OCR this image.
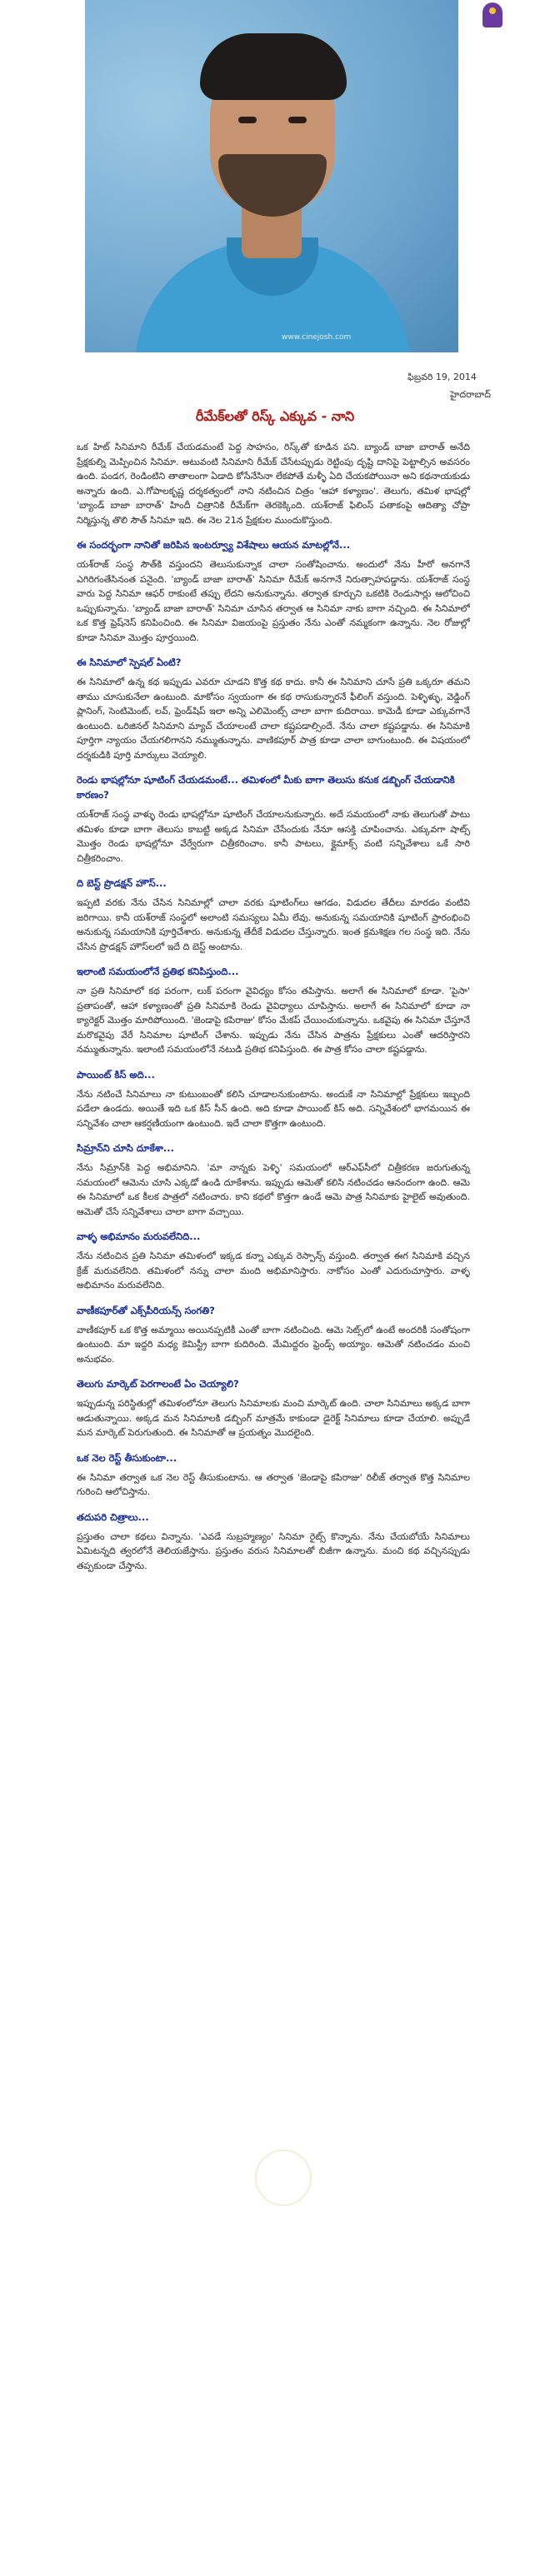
www.cinejosh.com
ఫిబ్రవరి 19, 2014
హైదరాబాద్
రీమేక్‌లతో రిస్క్ ఎక్కువ - నాని

ఒక హిట్ సినిమాని రీమేక్ చేయడమంటే పెద్ద సాహసం, రిస్క్‌తో కూడిన పని. బ్యాండ్ బాజా బారాత్ అనేది ప్రేక్షకుల్ని మెప్పించిన సినిమా. అటువంటి సినిమాని రీమేక్ చేసేటప్పుడు రెట్టింపు దృష్టి దానిపై పెట్టాల్సిన అవసరం ఉంది. పండగ, రెండింటిని తాతాలంగా ఏడాది కోసేనేసినా లేకపోతే మళ్ళీ ఏది చేయకపోయినా అని కథనాయకుడు అన్నారు ఉంది. ఎ.గోపాలకృష్ణ దర్శకత్వంలో నాని నటించిన చిత్రం 'ఆహా కళ్యాణం'. తెలుగు, తమిళ భాషల్లో 'బ్యాండ్ బాజా బారాత్' హిందీ చిత్రానికి రీమేక్‌గా తెరకెక్కింది. యశ్‌రాజ్ ఫిలింస్ పతాకంపై ఆదిత్యా చోప్రా నిర్మిస్తున్న తొలి సౌత్ సినిమా ఇది. ఈ నెల 21న ప్రేక్షకుల ముందుకొస్తుంది.

ఈ సందర్భంగా నానితో జరిపిన ఇంటర్వ్యూ విశేషాలు ఆయన మాటల్లోనే...

యశ్‌రాజ్ సంస్థ సౌత్‌కి వస్తుందని తెలుసుకున్నాక చాలా సంతోషించాను. అందులో నేను హీరో అనగానే ఎగిరిగంతేసినంత పనైంది. 'బ్యాండ్ బాజా బారాత్' సినిమా రీమేక్ అనగానే నిరుత్సాహపడ్డాను. యశ్‌రాజ్ సంస్థ వారు పెద్ద సినిమా ఆఫర్ రాకుంటే తప్పు లేదని అనుకున్నాను. తర్వాత కూర్చుని ఒకటికి రెండుసార్లు ఆలోచించి ఒప్పుకున్నాను. 'బ్యాండ్ బాజా బారాత్' సినిమా చూసిన తర్వాత ఆ సినిమా నాకు బాగా నచ్చింది. ఈ సినిమాలో ఒక కొత్త ఫ్రెష్‌నెస్ కనిపించింది. ఈ సినిమా విజయంపై ప్రస్తుతం నేను ఎంతో నమ్మకంగా ఉన్నాను. నెల రోజుల్లో కూడా సినిమా మొత్తం పూర్తయింది.

ఈ సినిమాలో స్పెషల్ ఏంటి?

ఈ సినిమాలో ఉన్న కథ ఇప్పుడు ఎవరూ చూడని కొత్త కథ కాదు. కానీ ఈ సినిమాని చూసే ప్రతి ఒక్కరూ తమని తాము చూసుకునేలా ఉంటుంది. మాకోసం స్వయంగా ఈ కథ రాసుకున్నారనే ఫీలింగ్ వస్తుంది. పెళ్ళిళ్ళు, వెడ్డింగ్ ప్లానింగ్, సెంటిమెంట్, లవ్, ఫ్రెండ్‌షిప్ ఇలా అన్ని ఎలిమెంట్స్ చాలా బాగా కుదిరాయి. కామెడీ కూడా ఎక్కువగానే ఉంటుంది. ఒరిజినల్ సినిమాని మ్యాచ్ చేయాలంటే చాలా కష్టపడాల్సిందే. నేను చాలా కష్టపడ్డాను. ఈ సినిమాకి పూర్తిగా న్యాయం చేయగలిగానని నమ్ముతున్నాను. వాణికపూర్ పాత్ర కూడా చాలా బాగుంటుంది. ఈ విషయంలో దర్శకుడికి పూర్తి మార్కులు వెయ్యాలి.

రెండు భాషల్లోనూ షూటింగ్ చేయడమంటే... తమిళంలో మీకు బాగా తెలుసు కనుక డబ్బింగ్ చేయడానికి కారణం?

యశ్‌రాజ్ సంస్థ వాళ్ళు రెండు భాషల్లోనూ షూటింగ్ చేయాలనుకున్నారు. అదే సమయంలో నాకు తెలుగుతో పాటు తమిళం కూడా బాగా తెలుసు కాబట్టి అక్కడ సినిమా చేసేందుకు నేనూ ఆసక్తి చూపించాను. ఎక్కువగా షాట్స్ మొత్తం రెండు భాషల్లోనూ వేర్వేరుగా చిత్రీకరించాం. కానీ పాటలు, క్లైమాక్స్ వంటి సన్నివేశాలు ఒకే సారి చిత్రీకరించాం.

ది బెస్ట్ ప్రొడక్షన్ హౌస్...

ఇప్పటి వరకు నేను చేసిన సినిమాల్లో చాలా వరకు షూటింగ్‌లు ఆగడం, విడుదల తేదీలు మారడం వంటివి జరిగాయి. కానీ యశ్‌రాజ్ సంస్థలో అలాంటి సమస్యలు ఏమీ లేవు. అనుకున్న సమయానికి షూటింగ్ ప్రారంభించి అనుకున్న సమయానికి పూర్తిచేశారు. అనుకున్న తేదీకే విడుదల చేస్తున్నారు. ఇంత క్రమశిక్షణ గల సంస్థ ఇది. నేను చేసిన ప్రొడక్షన్ హౌస్‌లలో ఇదే ది బెస్ట్ అంటాను.

ఇలాంటి సమయంలోనే ప్రతిభ కనిపిస్తుంది...

నా ప్రతి సినిమాలో కథ పరంగా, లుక్ పరంగా వైవిధ్యం కోసం తపిస్తాను. అలాగే ఈ సినిమాలో కూడా. 'పైసా' ప్రతాపంతో, ఆహా కళ్యాణంతో ప్రతి సినిమాకి రెండు వైవిధ్యాలు చూపిస్తాను. అలాగే ఈ సినిమాలో కూడా నా క్యారెక్టర్ మొత్తం మారిపోయింది. 'జెండాపై కపిరాజు' కోసం మేకప్ చేయించుకున్నాను. ఒకవైపు ఈ సినిమా చేస్తూనే మరొకవైపు వేరే సినిమాల షూటింగ్ చేశాను. ఇప్పుడు నేను చేసిన పాత్రను ప్రేక్షకులు ఎంతో ఆదరిస్తారని నమ్ముతున్నాను. ఇలాంటి సమయంలోనే నటుడి ప్రతిభ కనిపిస్తుంది. ఈ పాత్ర కోసం చాలా కష్టపడ్డాను.

పాయింట్ కిస్ అది...

నేను నటించే సినిమాలు నా కుటుంబంతో కలిసి చూడాలనుకుంటాను. అందుకే నా సినిమాల్లో ప్రేక్షకులు ఇబ్బంది పడేలా ఉండదు. అయితే ఇది ఒక కిస్ సీన్ ఉంది. అది కూడా పాయింట్ కిస్ అది. సన్నివేశంలో భాగమయిన ఈ సన్నివేశం చాలా ఆకర్షణీయంగా ఉంటుంది. ఇదే చాలా కొత్తగా ఉంటుంది.

సిమ్రాన్‌ని చూసి దూకేశా...

నేను సిమ్రాన్‌కి పెద్ద అభిమానిని. 'మా నాన్నకు పెళ్ళి' సమయంలో ఆర్‌ఎఫ్‌సీలో చిత్రీకరణ జరుగుతున్న సమయంలో ఆమెను చూసి ఎక్కడో ఉండి దూకేశాను. ఇప్పుడు ఆమెతో కలిసి నటించడం ఆనందంగా ఉంది. ఆమె ఈ సినిమాలో ఒక కీలక పాత్రలో నటించారు. కాని కథలో కొత్తగా ఉండే ఆమె పాత్ర సినిమాకు హైలైట్ అవుతుంది. ఆమెతో చేసే సన్నివేశాలు చాలా బాగా వచ్చాయి.

వాళ్ళ అభిమానం మరువలేనిది...

నేను నటించిన ప్రతి సినిమా తమిళంలో ఇక్కడ కన్నా ఎక్కువ రెస్పాన్స్ వస్తుంది. తర్వాత ఈగ సినిమాకి వచ్చిన క్రేజ్ మరువలేనిది. తమిళంలో నన్ను చాలా మంది అభిమానిస్తారు. నాకోసం ఎంతో ఎదురుచూస్తారు. వాళ్ళ అభిమానం మరువలేనిది.

వాణీకపూర్‌తో ఎక్స్‌పీరియన్స్ సంగతి?

వాణీకపూర్ ఒక కొత్త అమ్మాయి అయినప్పటికీ ఎంతో బాగా నటించింది. ఆమె సెట్స్‌లో ఉంటే అందరికీ సంతోషంగా ఉంటుంది. మా ఇద్దరి మధ్య కెమిస్ట్రీ బాగా కుదిరింది. మేమిద్దరం ఫ్రెండ్స్ అయ్యాం. ఆమెతో నటించడం మంచి అనుభవం.

తెలుగు మార్కెట్ పెరగాలంటే ఏం చెయ్యాలి?

ఇప్పుడున్న పరిస్థితుల్లో తమిళంలోనూ తెలుగు సినిమాలకు మంచి మార్కెట్ ఉంది. చాలా సినిమాలు అక్కడ బాగా ఆడుతున్నాయి. అక్కడ మన సినిమాలకి డబ్బింగ్ మాత్రమే కాకుండా డైరెక్ట్ సినిమాలు కూడా చేయాలి. అప్పుడే మన మార్కెట్ పెరుగుతుంది. ఈ సినిమాతో ఆ ప్రయత్నం మొదలైంది.

ఒక నెల రెస్ట్ తీసుకుంటా...

ఈ సినిమా తర్వాత ఒక నెల రెస్ట్ తీసుకుంటాను. ఆ తర్వాత 'జెండాపై కపిరాజు' రిలీజ్ తర్వాత కొత్త సినిమాల గురించి ఆలోచిస్తాను.

తదుపరి చిత్రాలు...

ప్రస్తుతం చాలా కథలు విన్నాను. 'ఎవడే సుబ్రహ్మణ్యం' సినిమా రైట్స్ కొన్నాను. నేను చేయబోయే సినిమాలు ఏమిటన్నది త్వరలోనే తెలియజేస్తాను. ప్రస్తుతం వరుస సినిమాలతో బిజీగా ఉన్నాను. మంచి కథ వచ్చినప్పుడు తప్పకుండా చేస్తాను.
